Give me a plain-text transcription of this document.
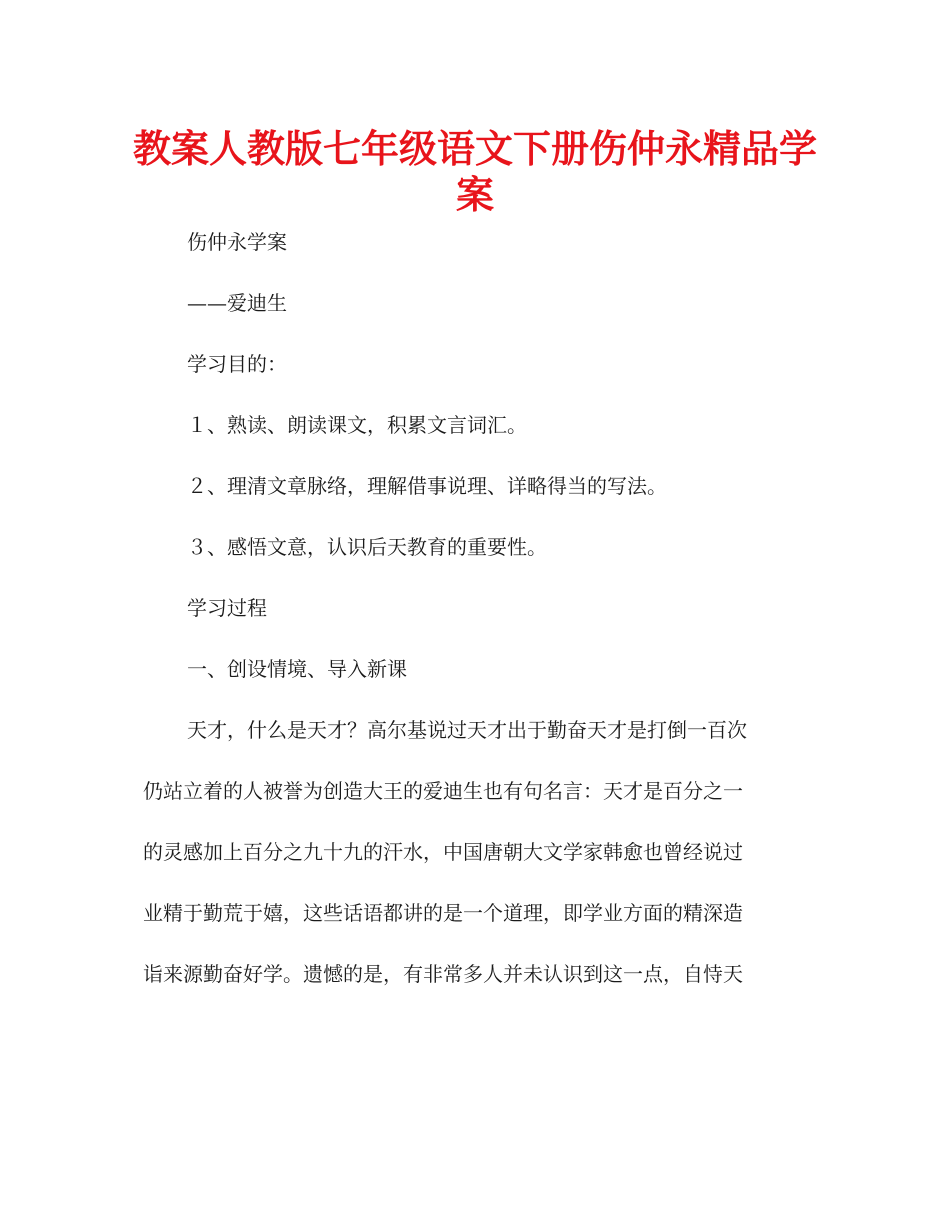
教案人教版七年级语文下册伤仲永精品学
案

伤仲永学案

——爱迪生

学习目的：

１、熟读、朗读课文，积累文言词汇。

２、理清文章脉络，理解借事说理、详略得当的写法。

３、感悟文意，认识后天教育的重要性。

学习过程

一、创设情境、导入新课

天才，什么是天才？高尔基说过天才出于勤奋天才是打倒一百次

仍站立着的人被誉为创造大王的爱迪生也有句名言：天才是百分之一

的灵感加上百分之九十九的汗水，中国唐朝大文学家韩愈也曾经说过

业精于勤荒于嬉，这些话语都讲的是一个道理，即学业方面的精深造

诣来源勤奋好学。遗憾的是，有非常多人并未认识到这一点，自恃天
